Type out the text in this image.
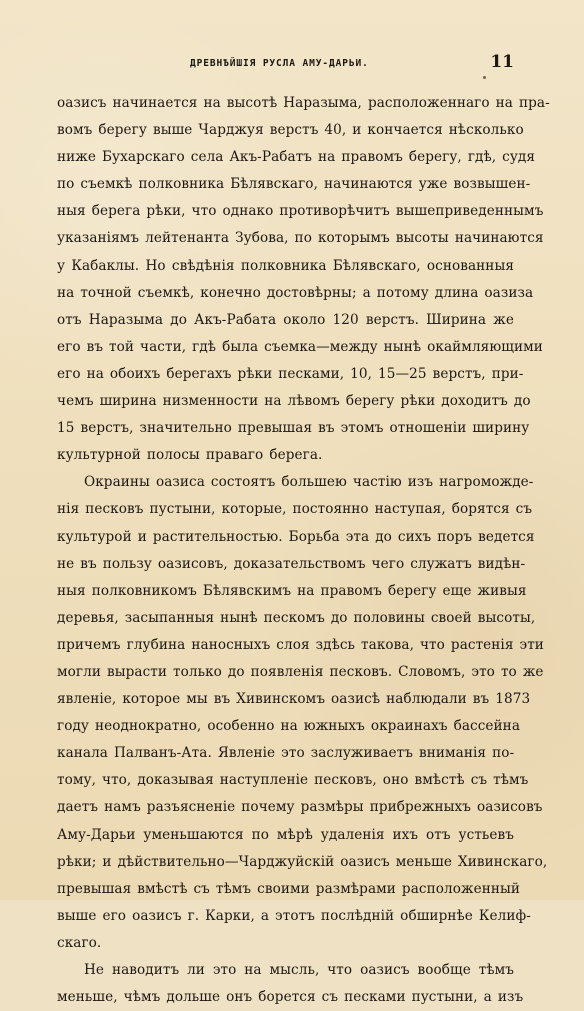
ДРЕВНѢЙШІЯ РУСЛА АМУ-ДАРЬИ.	11
оазисъ начинается на высотѣ Наразыма, расположеннаго на пра-
вомъ берегу выше Чарджуя верстъ 40, и кончается нѣсколько
ниже Бухарскаго села Акъ-Рабатъ на правомъ берегу, гдѣ, судя
по съемкѣ полковника Бѣлявскаго, начинаются уже возвышен-
ныя берега рѣки, что однако противорѣчитъ вышеприведеннымъ
указаніямъ лейтенанта Зубова, по которымъ высоты начинаются
у Кабаклы. Но свѣдѣнія полковника Бѣлявскаго, основанныя
на точной съемкѣ, конечно достовѣрны; а потому длина оазиза
отъ Наразыма до Акъ-Рабата около 120 верстъ. Ширина же
его въ той части, гдѣ была съемка—между нынѣ окаймляющими
его на обоихъ берегахъ рѣки песками, 10, 15—25 верстъ, при-
чемъ ширина низменности на лѣвомъ берегу рѣки доходитъ до
15 верстъ, значительно превышая въ этомъ отношеніи ширину
культурной полосы праваго берега.
Окраины оазиса состоятъ большею частію изъ нагроможде-
нія песковъ пустыни, которые, постоянно наступая, борятся съ
культурой и растительностью. Борьба эта до сихъ поръ ведется
не въ пользу оазисовъ, доказательствомъ чего служатъ видѣн-
ныя полковникомъ Бѣлявскимъ на правомъ берегу еще живыя
деревья, засыпанныя нынѣ пескомъ до половины своей высоты,
причемъ глубина наносныхъ слоя здѣсь такова, что растенія эти
могли вырасти только до появленія песковъ. Словомъ, это то же
явленіе, которое мы въ Хивинскомъ оазисѣ наблюдали въ 1873
году неоднократно, особенно на южныхъ окраинахъ бассейна
канала Палванъ-Ата. Явленіе это заслуживаетъ вниманія по-
тому, что, доказывая наступленіе песковъ, оно вмѣстѣ съ тѣмъ
даетъ намъ разъясненіе почему размѣры прибрежныхъ оазисовъ
Аму-Дарьи уменьшаются по мѣрѣ удаленія ихъ отъ устьевъ
рѣки; и дѣйствительно—Чарджуйскій оазисъ меньше Хивинскаго,
превышая вмѣстѣ съ тѣмъ своими размѣрами расположенный
выше его оазисъ г. Карки, а этотъ послѣдній обширнѣе Келиф-
скаго.
Не наводитъ ли это на мысль, что оазисъ вообще тѣмъ
меньше, чѣмъ дольше онъ борется съ песками пустыни, а изъ
